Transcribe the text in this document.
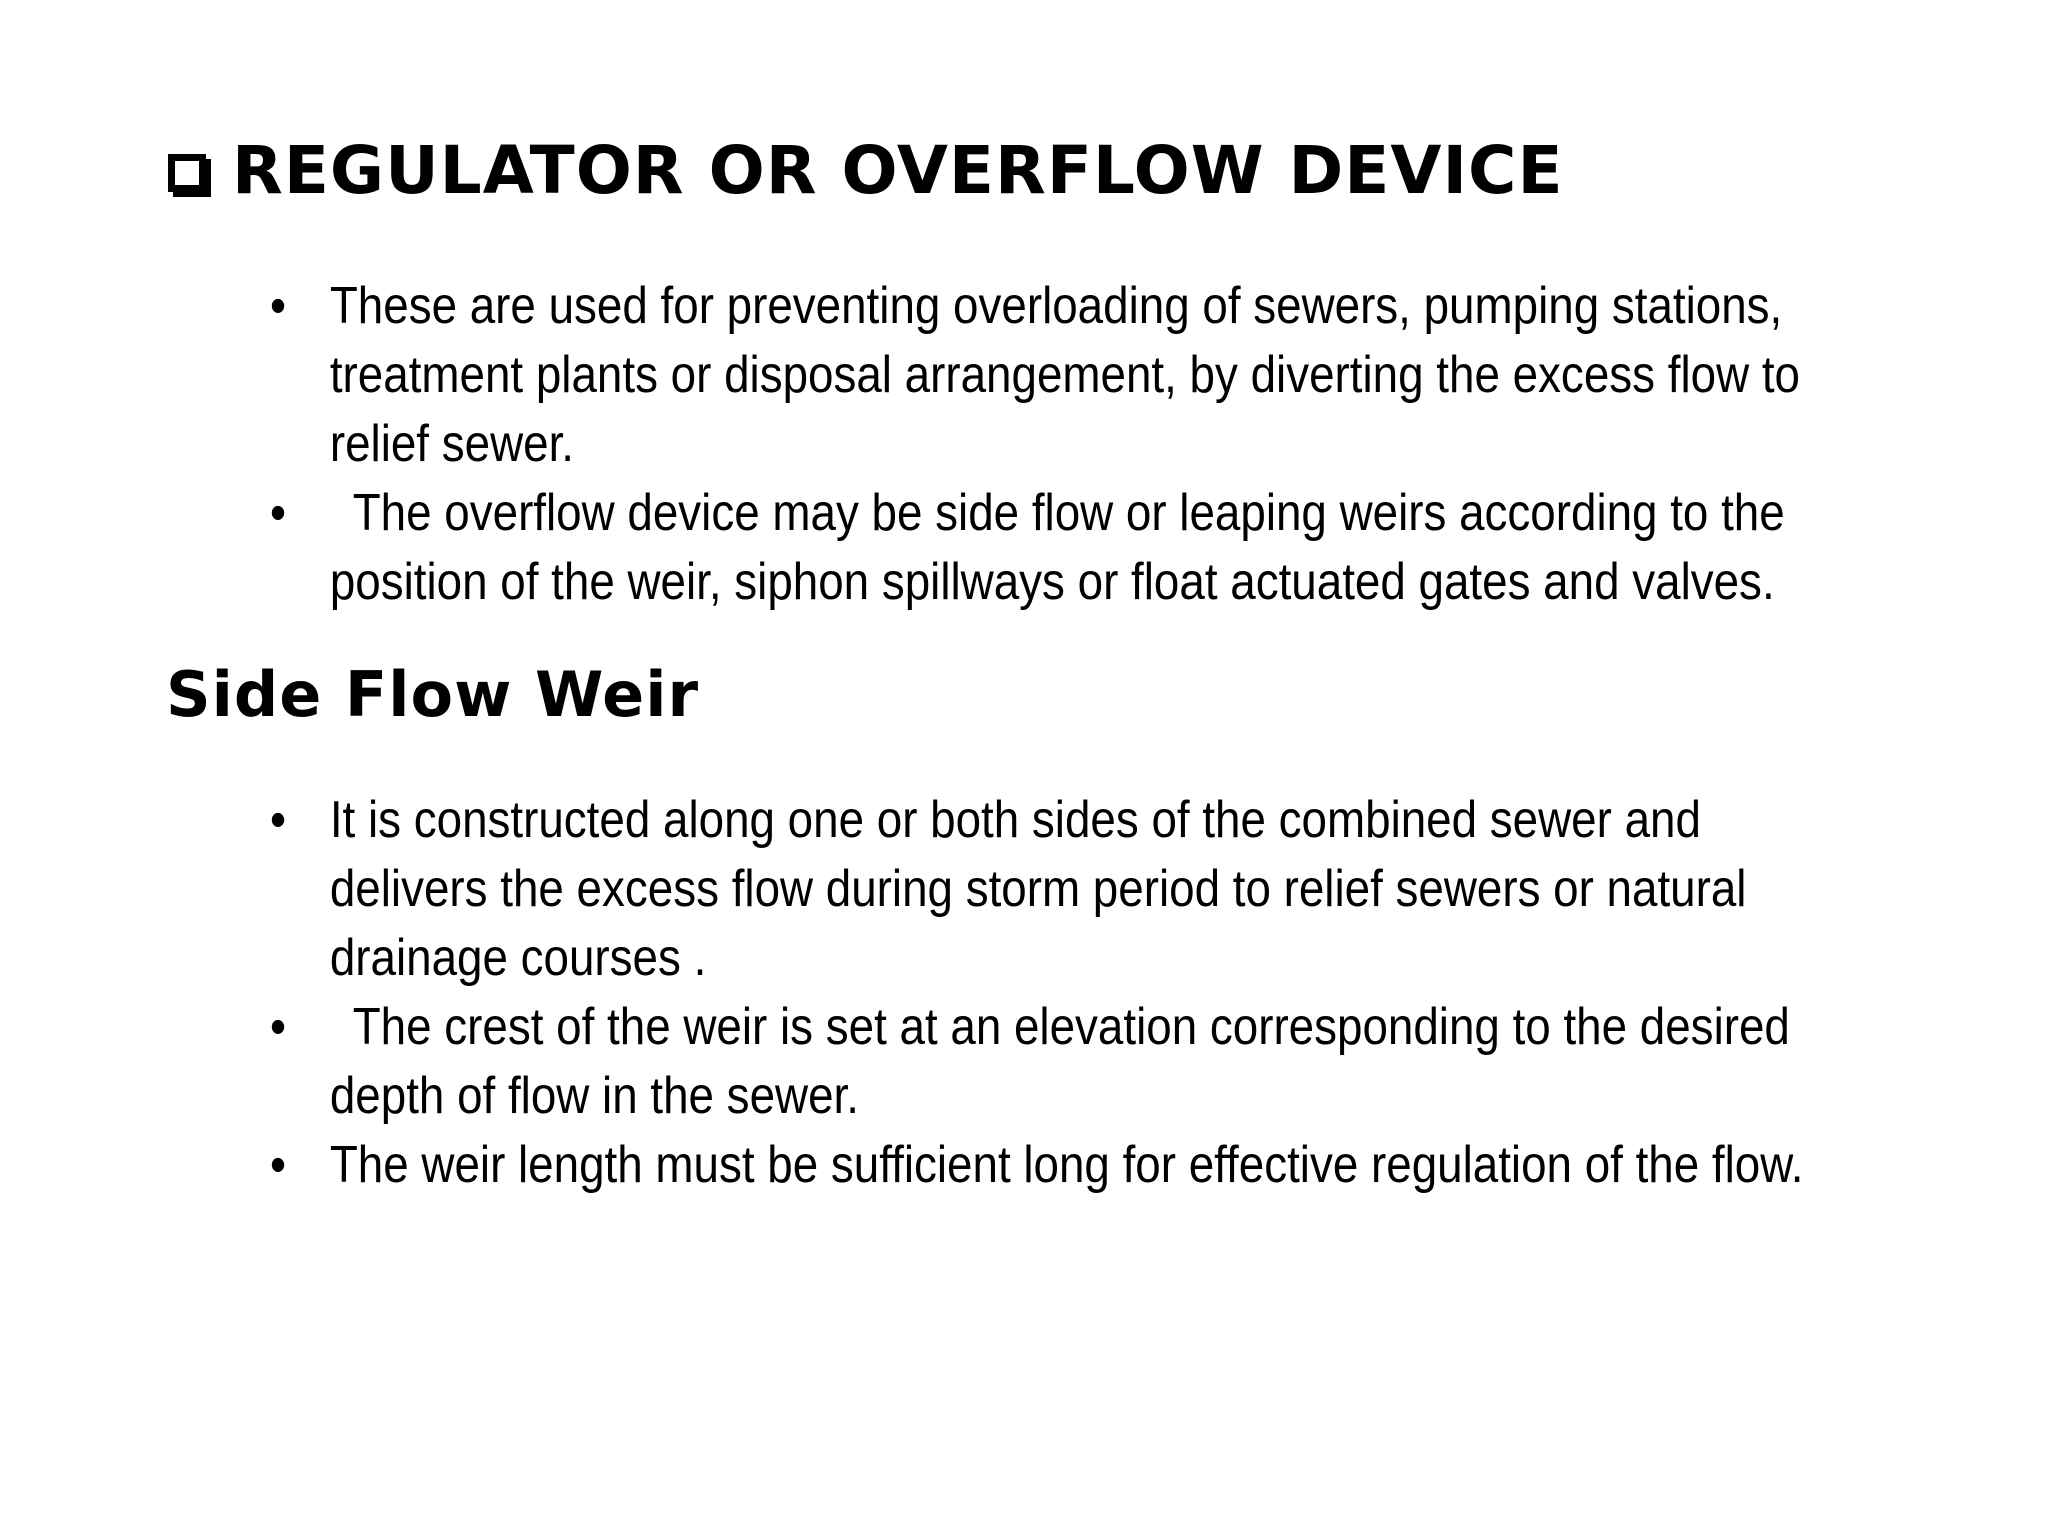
REGULATOR OR OVERFLOW DEVICE
• These are used for preventing overloading of sewers, pumping stations,
treatment plants or disposal arrangement, by diverting the excess flow to
relief sewer.
• The overflow device may be side flow or leaping weirs according to the
position of the weir, siphon spillways or float actuated gates and valves.
Side Flow Weir
• It is constructed along one or both sides of the combined sewer and
delivers the excess flow during storm period to relief sewers or natural
drainage courses .
• The crest of the weir is set at an elevation corresponding to the desired
depth of flow in the sewer.
• The weir length must be sufficient long for effective regulation of the flow.
